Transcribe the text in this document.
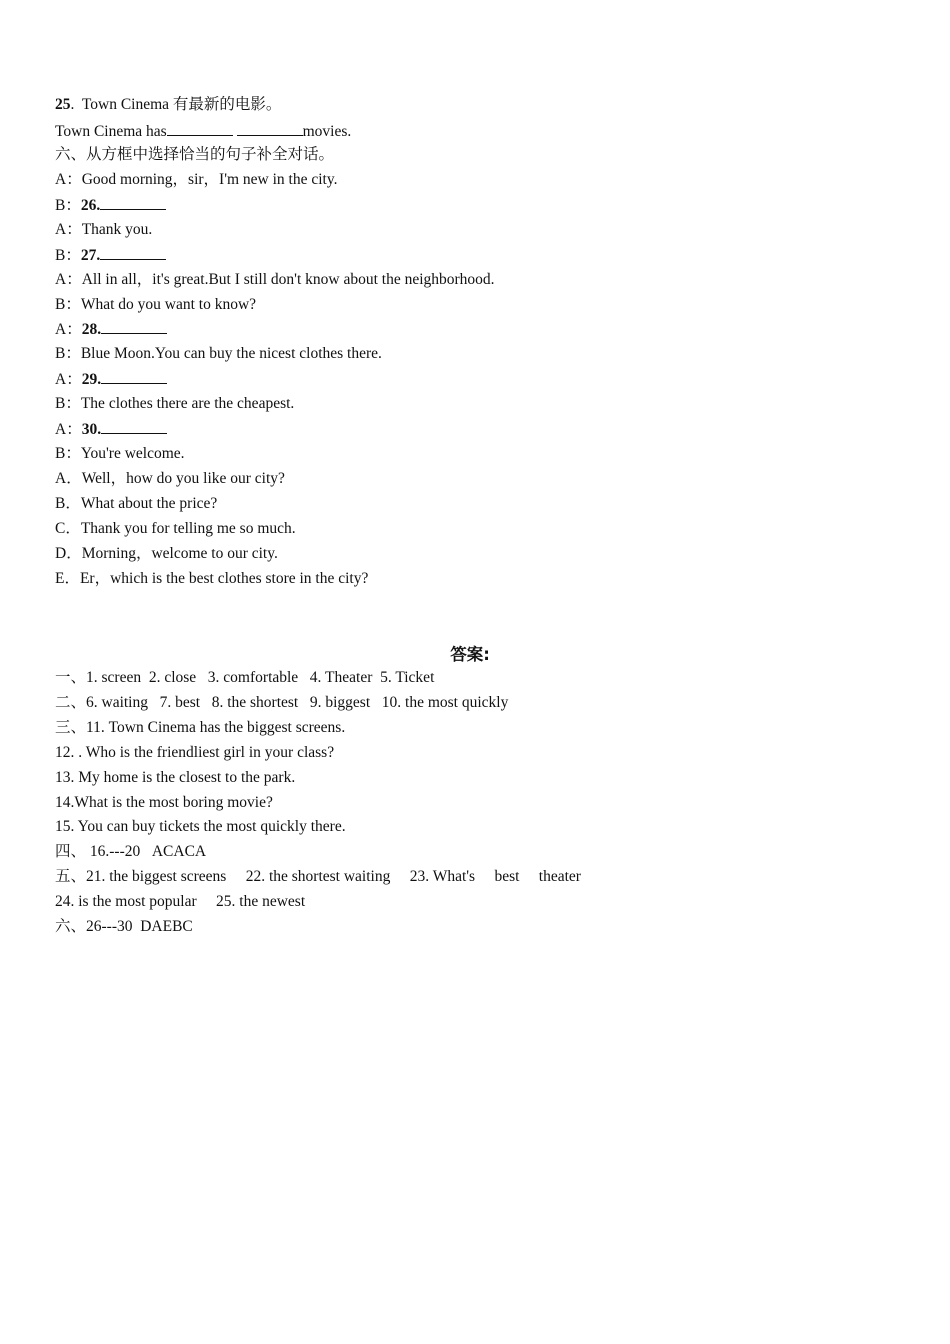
25. Town Cinema 有最新的电影。
Town Cinema has	movies.
六、从方框中选择恰当的句子补全对话。
A：Good morning，sir，I'm new in the city.
B：26.
A：Thank you.
B：27.
A：All in all，it's great.But I still don't know about the neighborhood.
B：What do you want to know?
A：28.
B：Blue Moon.You can buy the nicest clothes there.
A：29.
B：The clothes there are the cheapest.
A：30.
B：You're welcome.
A．Well，how do you like our city?
B．What about the price?
C．Thank you for telling me so much.
D．Morning，welcome to our city.
E．Er，which is the best clothes store in the city?
答案:
一、1. screen  2. close   3. comfortable   4. Theater  5. Ticket
二、6. waiting   7. best   8. the shortest   9. biggest   10. the most quickly
三、11. Town Cinema has the biggest screens.
12. . Who is the friendliest girl in your class?
13. My home is the closest to the park.
14.What is the most boring movie?
15. You can buy tickets the most quickly there.
四、 16.---20   ACACA
五、21. the biggest screens     22. the shortest waiting     23. What's     best     theater
24. is the most popular     25. the newest
六、26---30  DAEBC
